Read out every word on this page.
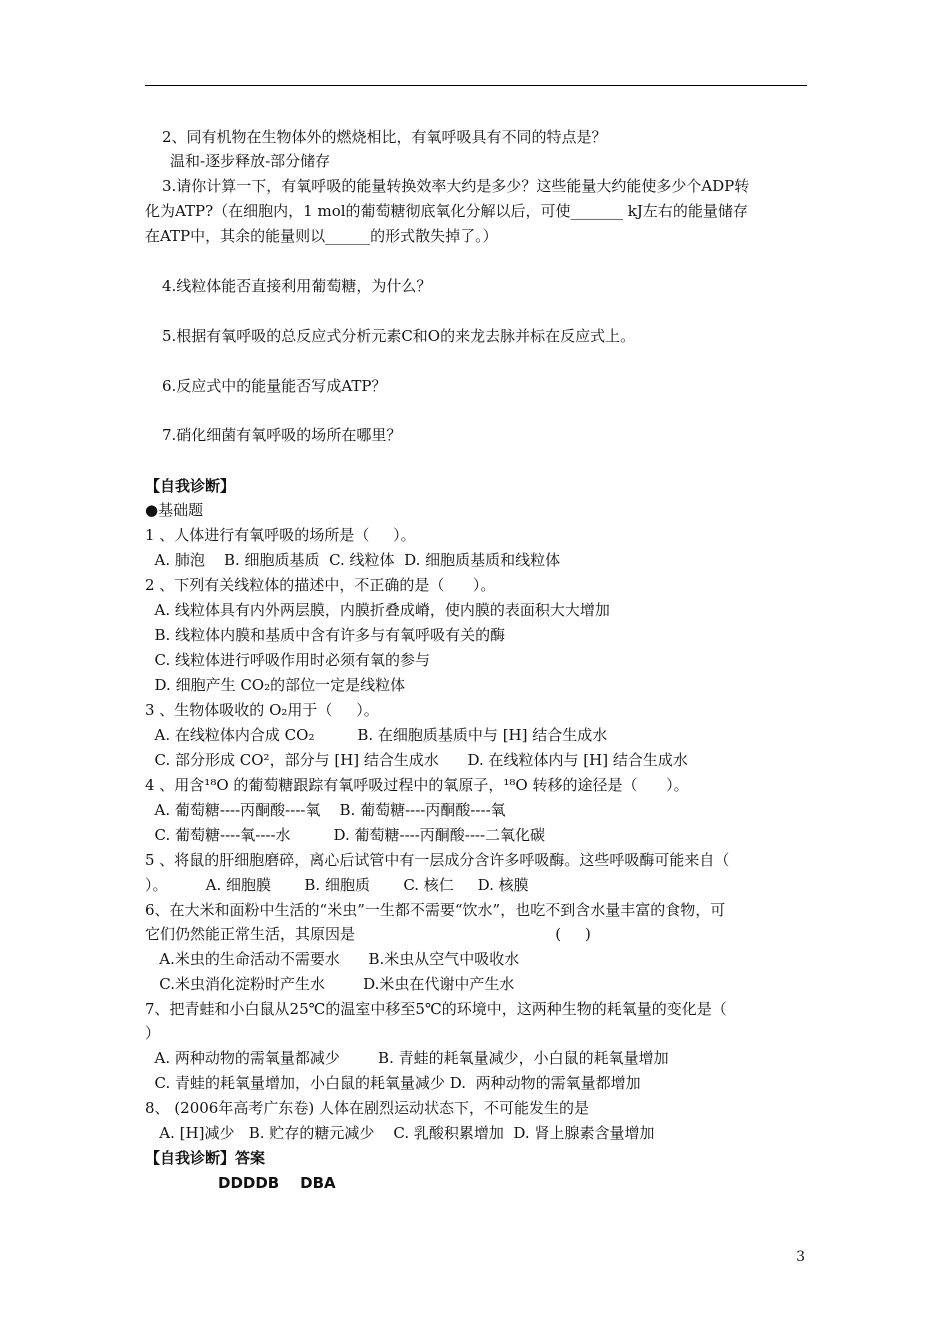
2、同有机物在生物体外的燃烧相比，有氧呼吸具有不同的特点是？
温和-逐步释放-部分储存
3.请你计算一下，有氧呼吸的能量转换效率大约是多少？这些能量大约能使多少个ADP转
化为ATP?（在细胞内，1 mol的葡萄糖彻底氧化分解以后，可使_______ kJ左右的能量储存
在ATP中，其余的能量则以______的形式散失掉了。）
4.线粒体能否直接利用葡萄糖，为什么？
5.根据有氧呼吸的总反应式分析元素C和O的来龙去脉并标在反应式上。
6.反应式中的能量能否写成ATP？
7.硝化细菌有氧呼吸的场所在哪里？
【自我诊断】
●基础题
1 、人体进行有氧呼吸的场所是（     ）。
A. 肺泡    B. 细胞质基质  C. 线粒体  D. 细胞质基质和线粒体
2 、下列有关线粒体的描述中，不正确的是（      ）。
A. 线粒体具有内外两层膜，内膜折叠成嵴，使内膜的表面积大大增加
B. 线粒体内膜和基质中含有许多与有氧呼吸有关的酶
C. 线粒体进行呼吸作用时必须有氧的参与
D. 细胞产生 CO₂的部位一定是线粒体
3 、生物体吸收的 O₂用于（     ）。
A. 在线粒体内合成 CO₂         B. 在细胞质基质中与 [H] 结合生成水
C. 部分形成 CO²，部分与 [H] 结合生成水      D. 在线粒体内与 [H] 结合生成水
4 、用含¹⁸O 的葡萄糖跟踪有氧呼吸过程中的氧原子，¹⁸O 转移的途径是（      ）。
A. 葡萄糖----丙酮酸----氧    B. 葡萄糖----丙酮酸----氧
C. 葡萄糖----氧----水         D. 葡萄糖----丙酮酸----二氧化碳
5 、将鼠的肝细胞磨碎，离心后试管中有一层成分含许多呼吸酶。这些呼吸酶可能来自（
）。        A. 细胞膜       B. 细胞质       C. 核仁     D. 核膜
6、在大米和面粉中生活的“米虫”一生都不需要“饮水”，也吃不到含水量丰富的食物，可
它们仍然能正常生活，其原因是                                          (     )
A.米虫的生命活动不需要水      B.米虫从空气中吸收水
C.米虫消化淀粉时产生水        D.米虫在代谢中产生水
7、把青蛙和小白鼠从25℃的温室中移至5℃的环境中，这两种生物的耗氧量的变化是（
）
A. 两种动物的需氧量都减少        B. 青蛙的耗氧量减少，小白鼠的耗氧量增加
C. 青蛙的耗氧量增加，小白鼠的耗氧量减少 D.  两种动物的需氧量都增加
8、 (2006年高考广东卷) 人体在剧烈运动状态下，不可能发生的是
A. [H]减少   B. 贮存的糖元减少    C. 乳酸积累增加  D. 肾上腺素含量增加
【自我诊断】答案
DDDDB    DBA
3
